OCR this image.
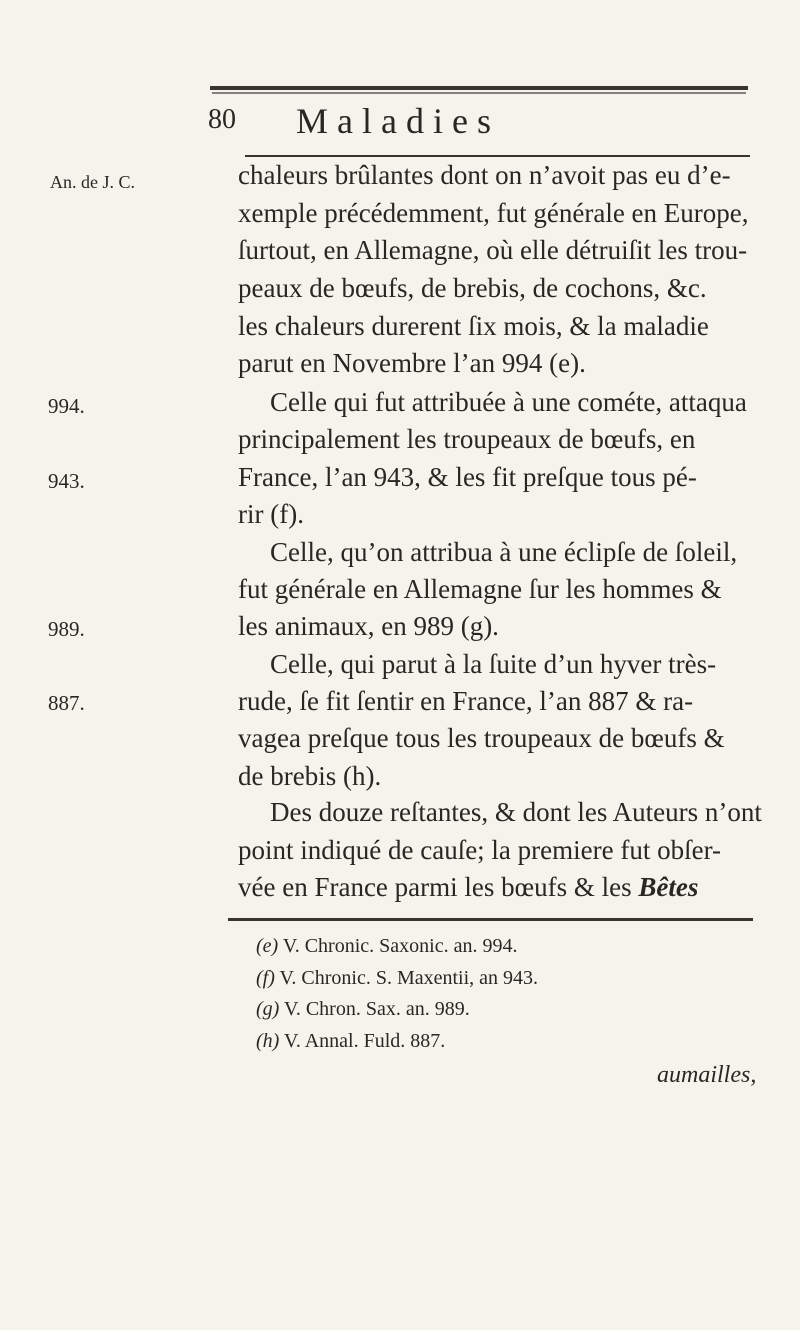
80 Maladies
An. de J. C.
994.
943.
989.
887.
chaleurs brûlantes dont on n’avoit pas eu d’e-
xemple précédemment, fut générale en Europe,
ſurtout, en Allemagne, où elle détruiſit les trou-
peaux de bœufs, de brebis, de cochons, &c.
les chaleurs durerent ſix mois, & la maladie
parut en Novembre l’an 994 (e).
Celle qui fut attribuée à une cométe, attaqua
principalement les troupeaux de bœufs, en
France, l’an 943, & les fit preſque tous pé-
rir (f).
Celle, qu’on attribua à une éclipſe de ſoleil,
fut générale en Allemagne ſur les hommes &
les animaux, en 989 (g).
Celle, qui parut à la ſuite d’un hyver très-
rude, ſe fit ſentir en France, l’an 887 & ra-
vagea preſque tous les troupeaux de bœufs &
de brebis (h).
Des douze reſtantes, & dont les Auteurs n’ont
point indiqué de cauſe; la premiere fut obſer-
vée en France parmi les bœufs & les Bêtes
(e) V. Chronic. Saxonic. an. 994.
(f) V. Chronic. S. Maxentii, an 943.
(g) V. Chron. Sax. an. 989.
(h) V. Annal. Fuld. 887.
aumailles,
